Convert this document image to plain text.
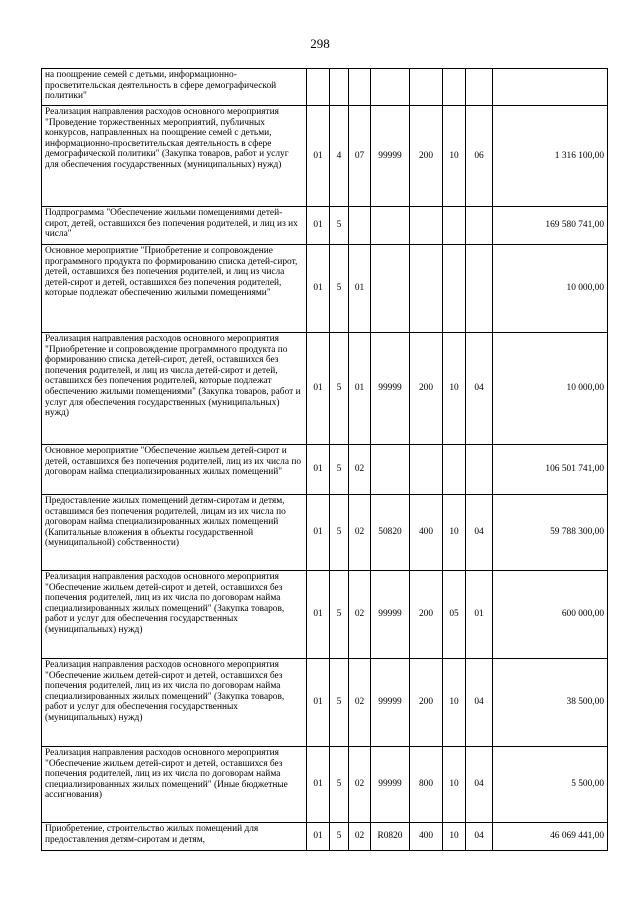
298
на поощрение семей с детьми, информационно-просветительская деятельность в сфере демографической политики"								
Реализация направления расходов основного мероприятия "Проведение торжественных мероприятий, публичных конкурсов, направленных на поощрение семей с детьми, информационно-просветительская деятельность в сфере демографической политики" (Закупка товаров, работ и услуг для обеспечения государственных (муниципальных) нужд)	01	4	07	99999	200	10	06	1 316 100,00
Подпрограмма "Обеспечение жильми помещениями детей-сирот, детей, оставшихся без попечения родителей, и лиц из их числа"	01	5						169 580 741,00
Основное мероприятие "Приобретение и сопровождение программного продукта по формированию списка детей-сирот, детей, оставшихся без попечения родителей, и лиц из числа детей-сирот и детей, оставшихся без попечения родителей, которые подлежат обеспечению жилыми помещениями"	01	5	01					10 000,00
Реализация направления расходов основного мероприятия "Приобретение и сопровождение программного продукта по формированию списка детей-сирот, детей, оставшихся без попечения родителей, и лиц из числа детей-сирот и детей, оставшихся без попечения родителей, которые подлежат обеспечению жилыми помещениями" (Закупка товаров, работ и услуг для обеспечения государственных (муниципальных) нужд)	01	5	01	99999	200	10	04	10 000,00
Основное мероприятие "Обеспечение жильем детей-сирот и детей, оставшихся без попечения родителей, лиц из их числа по договорам найма специализированных жилых помещений"	01	5	02					106 501 741,00
Предоставление жилых помещений детям-сиротам и детям, оставшимся без попечения родителей, лицам из их числа по договорам найма специализированных жилых помещений (Капитальные вложения в объекты государственной (муниципальной) собственности)	01	5	02	50820	400	10	04	59 788 300,00
Реализация направления расходов основного мероприятия "Обеспечение жильем детей-сирот и детей, оставшихся без попечения родителей, лиц из их числа по договорам найма специализированных жилых помещений" (Закупка товаров, работ и услуг для обеспечения государственных (муниципальных) нужд)	01	5	02	99999	200	05	01	600 000,00
Реализация направления расходов основного мероприятия "Обеспечение жильем детей-сирот и детей, оставшихся без попечения родителей, лиц из их числа по договорам найма специализированных жилых помещений" (Закупка товаров, работ и услуг для обеспечения государственных (муниципальных) нужд)	01	5	02	99999	200	10	04	38 500,00
Реализация направления расходов основного мероприятия "Обеспечение жильем детей-сирот и детей, оставшихся без попечения родителей, лиц из их числа по договорам найма специализированных жилых помещений" (Иные бюджетные ассигнования)	01	5	02	99999	800	10	04	5 500,00
Приобретение, строительство жилых помещений для предоставления детям-сиротам и детям,	01	5	02	R0820	400	10	04	46 069 441,00
